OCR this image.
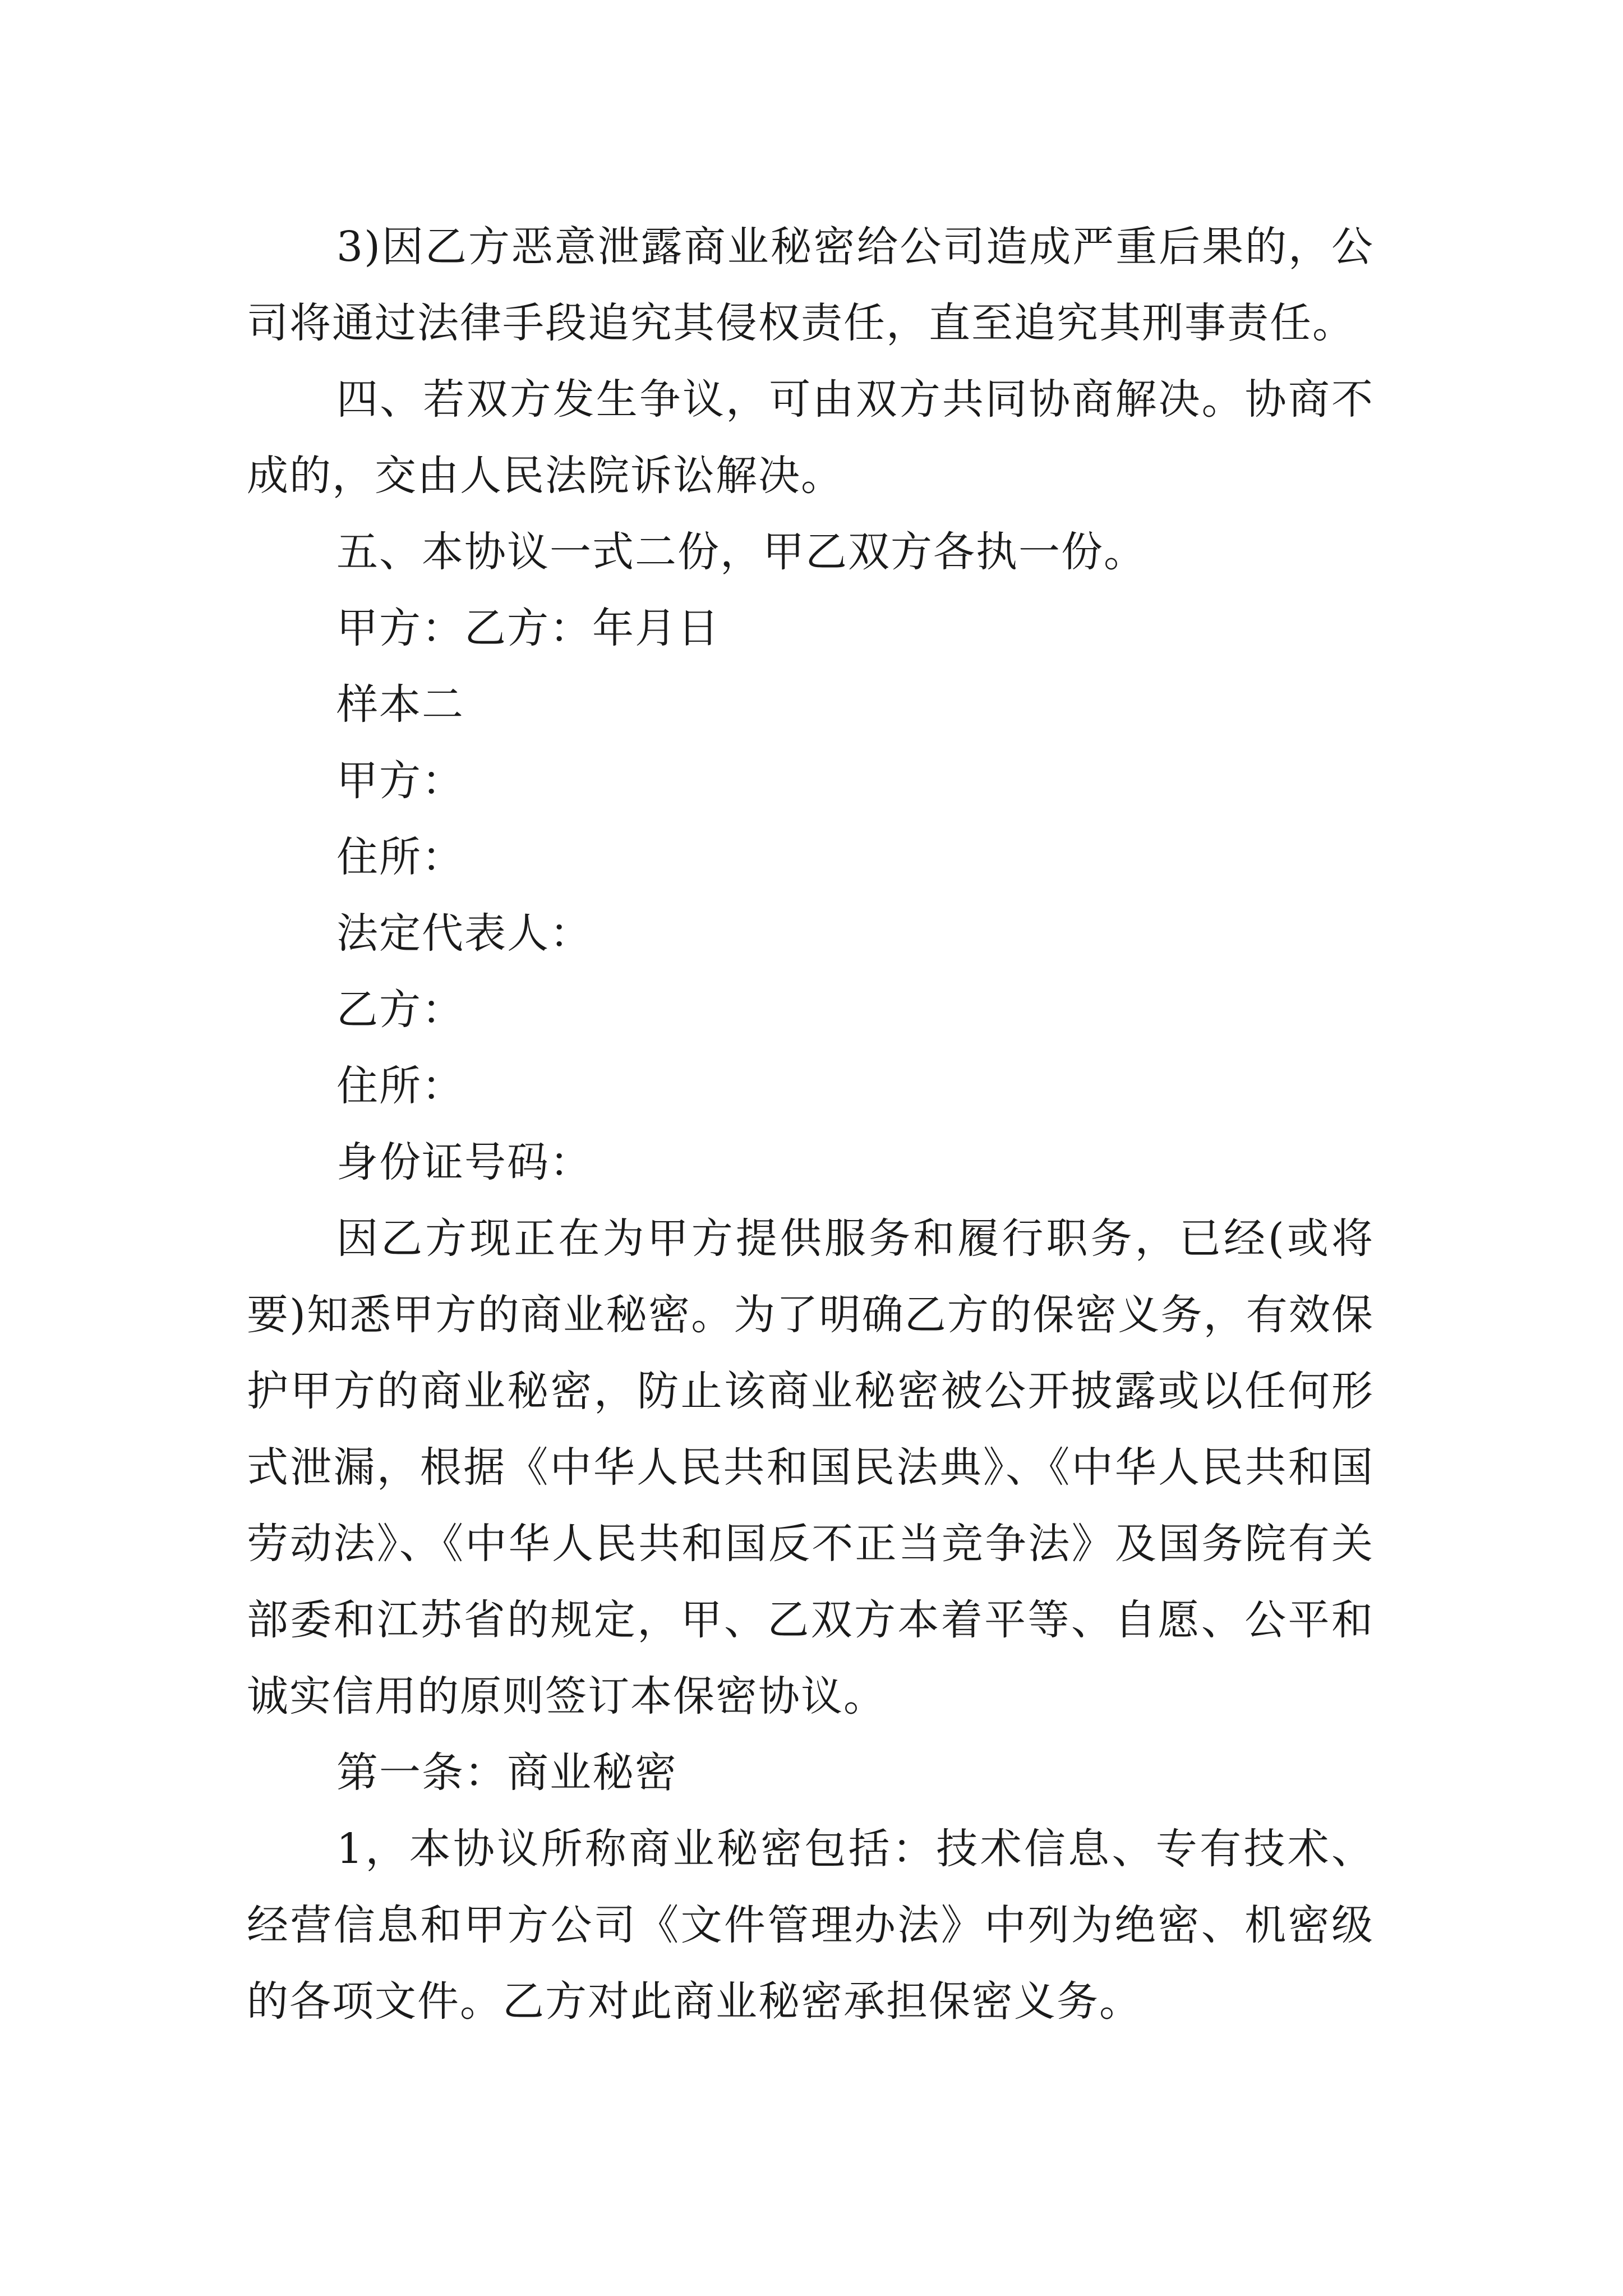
3)因乙方恶意泄露商业秘密给公司造成严重后果的，公司将通过法律手段追究其侵权责任，直至追究其刑事责任。

四、若双方发生争议，可由双方共同协商解决。协商不成的，交由人民法院诉讼解决。

五、本协议一式二份，甲乙双方各执一份。

甲方：乙方：年月日

样本二

甲方：

住所：

法定代表人：

乙方：

住所：

身份证号码：

因乙方现正在为甲方提供服务和履行职务，已经(或将要)知悉甲方的商业秘密。为了明确乙方的保密义务，有效保护甲方的商业秘密，防止该商业秘密被公开披露或以任何形式泄漏，根据《中华人民共和国民法典》、《中华人民共和国劳动法》、《中华人民共和国反不正当竞争法》及国务院有关部委和江苏省的规定，甲、乙双方本着平等、自愿、公平和诚实信用的原则签订本保密协议。

第一条：商业秘密

1，本协议所称商业秘密包括：技术信息、专有技术、经营信息和甲方公司《文件管理办法》中列为绝密、机密级的各项文件。乙方对此商业秘密承担保密义务。
